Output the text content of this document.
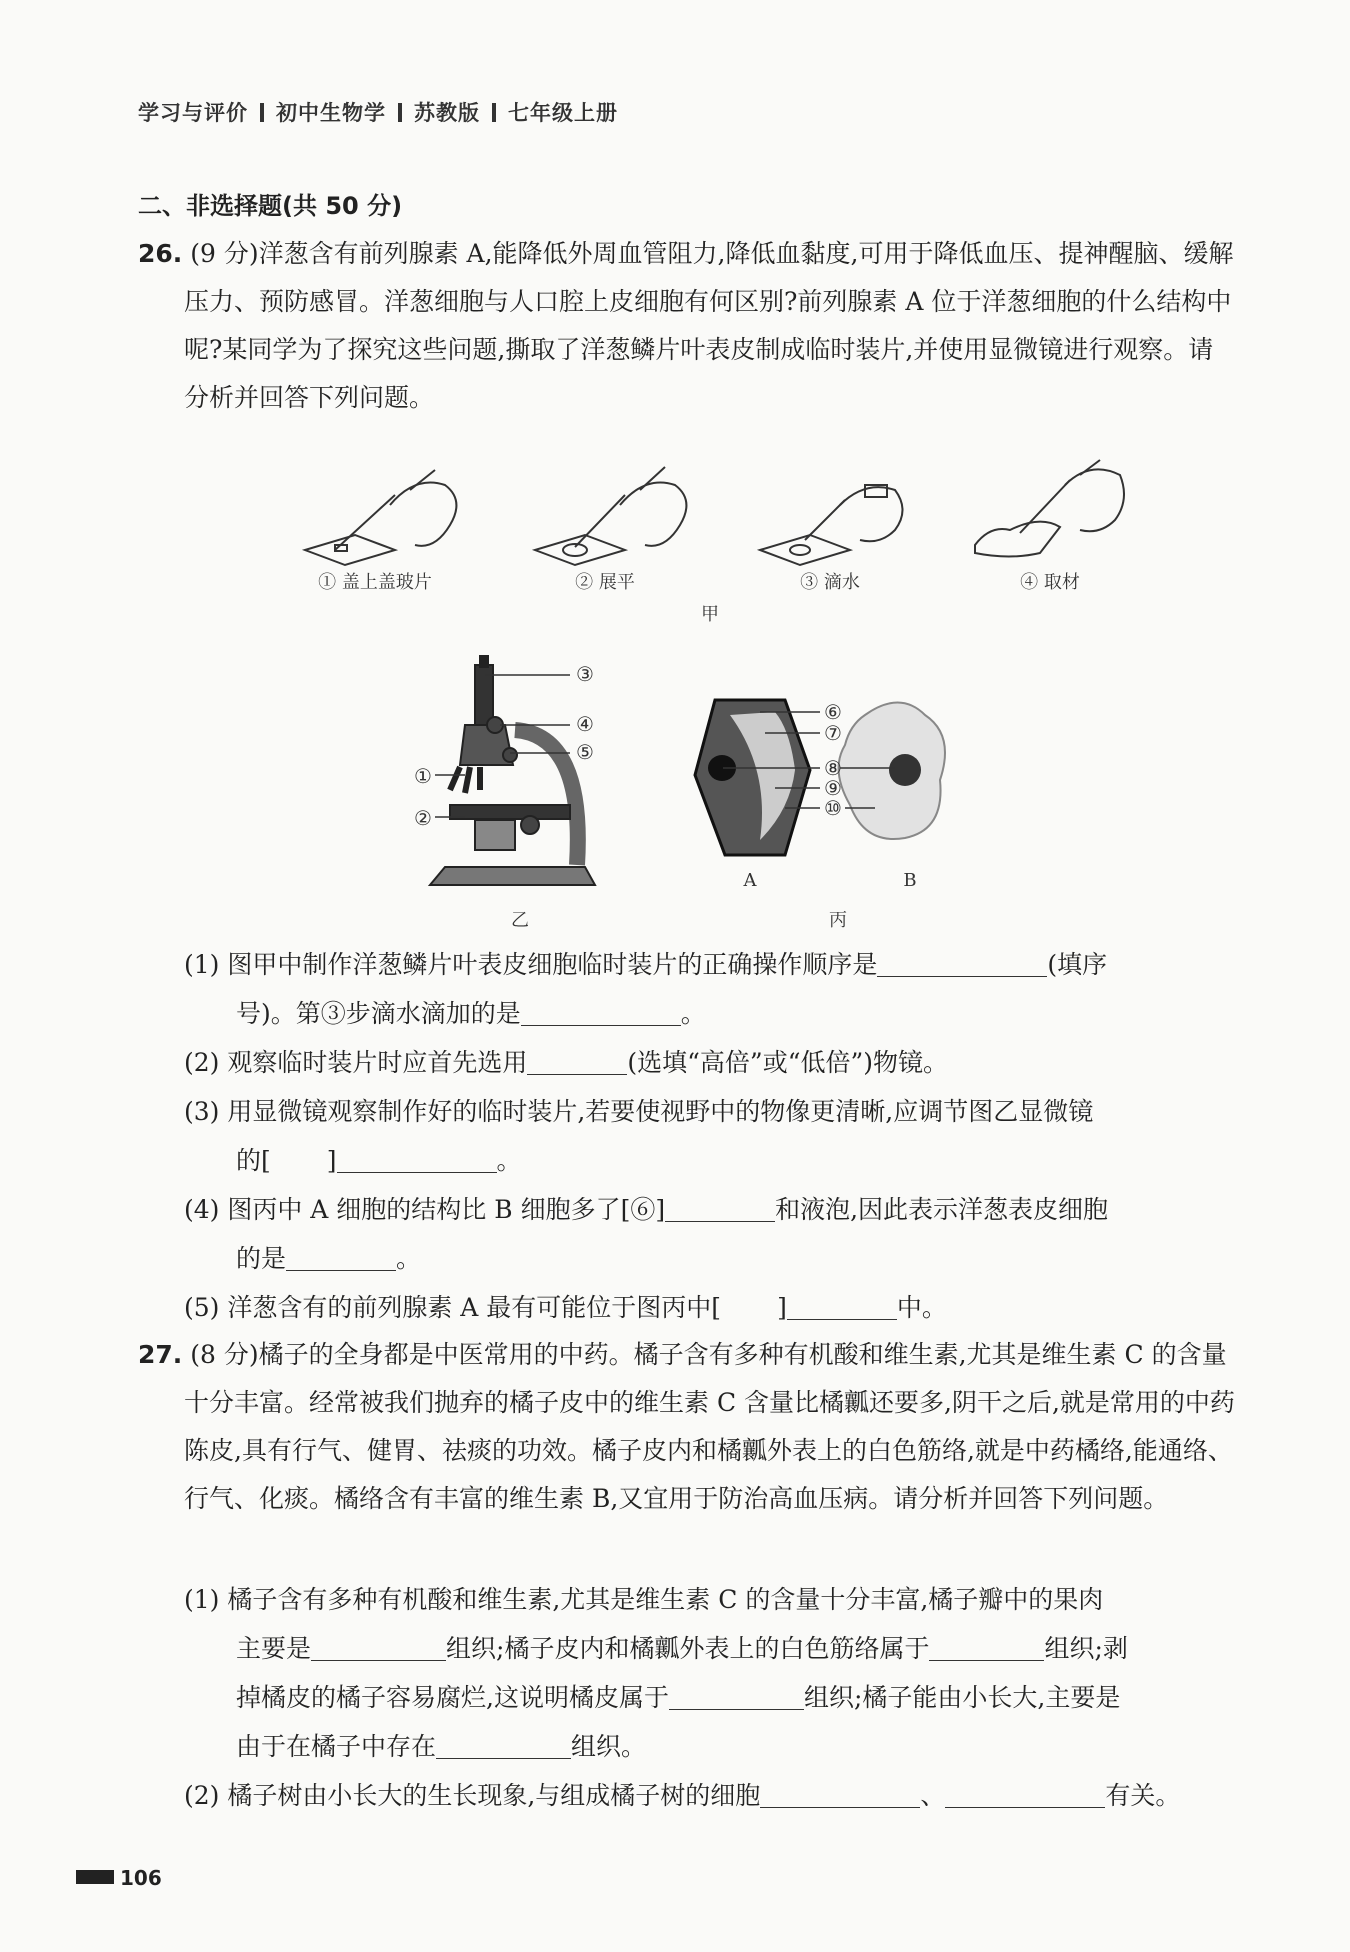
学习与评价 初中生物学 苏教版 七年级上册
二、非选择题(共 50 分)
26. (9 分)洋葱含有前列腺素 A,能降低外周血管阻力,降低血黏度,可用于降低血压、提神醒脑、缓解压力、预防感冒。洋葱细胞与人口腔上皮细胞有何区别?前列腺素 A 位于洋葱细胞的什么结构中呢?某同学为了探究这些问题,撕取了洋葱鳞片叶表皮制成临时装片,并使用显微镜进行观察。请分析并回答下列问题。
① 盖上盖玻片	② 展平	③ 滴水	④ 取材
甲
③
④
⑤
①
②
乙
⑥
⑦
⑧
⑨
⑩
A	B
丙
(1) 图甲中制作洋葱鳞片叶表皮细胞临时装片的正确操作顺序是	(填序
号)。第③步滴水滴加的是	。
(2) 观察临时装片时应首先选用	(选填“高倍”或“低倍”)物镜。
(3) 用显微镜观察制作好的临时装片,若要使视野中的物像更清晰,应调节图乙显微镜
的[ ]	。
(4) 图丙中 A 细胞的结构比 B 细胞多了[⑥]	和液泡,因此表示洋葱表皮细胞
的是	。
(5) 洋葱含有的前列腺素 A 最有可能位于图丙中[ ]	中。
27. (8 分)橘子的全身都是中医常用的中药。橘子含有多种有机酸和维生素,尤其是维生素 C 的含量十分丰富。经常被我们抛弃的橘子皮中的维生素 C 含量比橘瓤还要多,阴干之后,就是常用的中药陈皮,具有行气、健胃、祛痰的功效。橘子皮内和橘瓤外表上的白色筋络,就是中药橘络,能通络、行气、化痰。橘络含有丰富的维生素 B,又宜用于防治高血压病。请分析并回答下列问题。
(1) 橘子含有多种有机酸和维生素,尤其是维生素 C 的含量十分丰富,橘子瓣中的果肉
主要是	组织;橘子皮内和橘瓤外表上的白色筋络属于	组织;剥
掉橘皮的橘子容易腐烂,这说明橘皮属于	组织;橘子能由小长大,主要是
由于在橘子中存在	组织。
(2) 橘子树由小长大的生长现象,与组成橘子树的细胞	、	有关。
106
